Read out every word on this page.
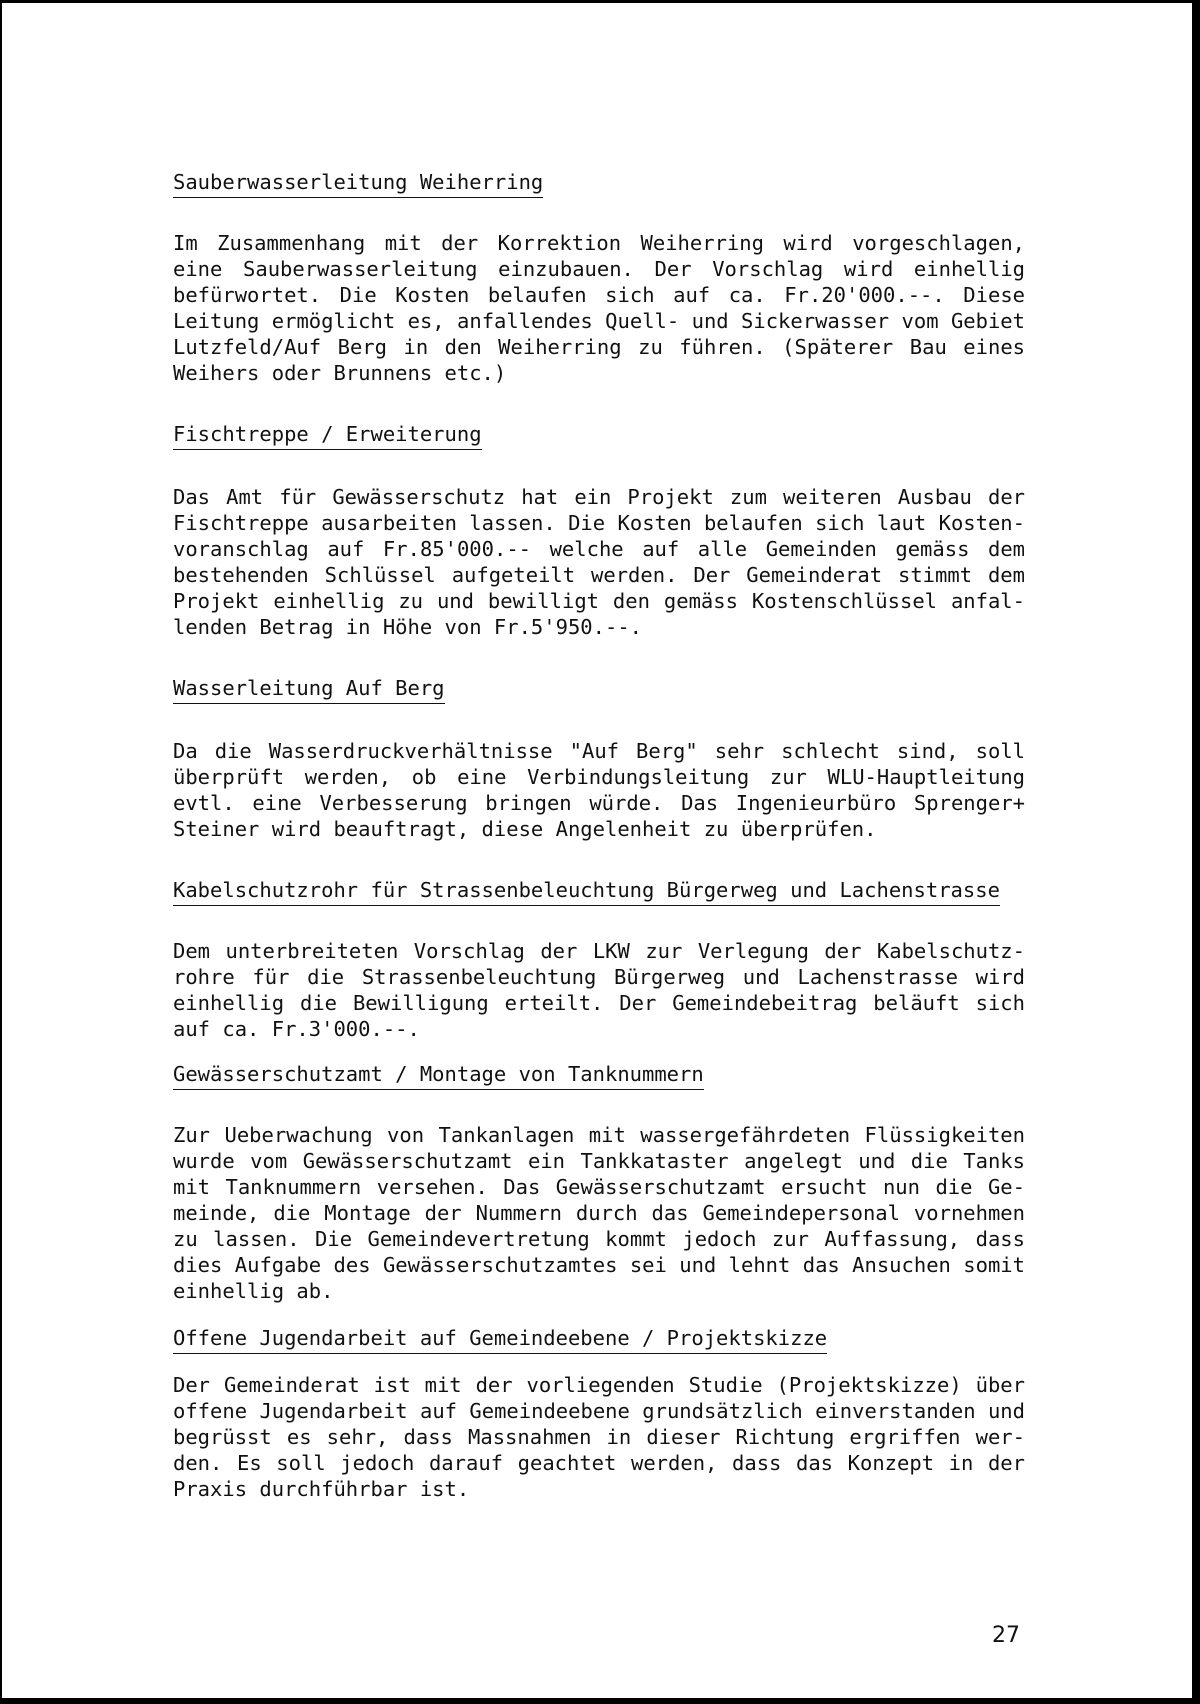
Sauberwasserleitung Weiherring
Im Zusammenhang mit der Korrektion Weiherring wird vorgeschlagen,
eine Sauberwasserleitung einzubauen. Der Vorschlag wird einhellig
befürwortet. Die Kosten belaufen sich auf ca. Fr.20'000.--. Diese
Leitung ermöglicht es, anfallendes Quell- und Sickerwasser vom Gebiet
Lutzfeld/Auf Berg in den Weiherring zu führen. (Späterer Bau eines
Weihers oder Brunnens etc.)
Fischtreppe / Erweiterung
Das Amt für Gewässerschutz hat ein Projekt zum weiteren Ausbau der
Fischtreppe ausarbeiten lassen. Die Kosten belaufen sich laut Kosten-
voranschlag auf Fr.85'000.-- welche auf alle Gemeinden gemäss dem
bestehenden Schlüssel aufgeteilt werden. Der Gemeinderat stimmt dem
Projekt einhellig zu und bewilligt den gemäss Kostenschlüssel anfal-
lenden Betrag in Höhe von Fr.5'950.--.
Wasserleitung Auf Berg
Da die Wasserdruckverhältnisse "Auf Berg" sehr schlecht sind, soll
überprüft werden, ob eine Verbindungsleitung zur WLU-Hauptleitung
evtl. eine Verbesserung bringen würde. Das Ingenieurbüro Sprenger+
Steiner wird beauftragt, diese Angelenheit zu überprüfen.
Kabelschutzrohr für Strassenbeleuchtung Bürgerweg und Lachenstrasse
Dem unterbreiteten Vorschlag der LKW zur Verlegung der Kabelschutz-
rohre für die Strassenbeleuchtung Bürgerweg und Lachenstrasse wird
einhellig die Bewilligung erteilt. Der Gemeindebeitrag beläuft sich
auf ca. Fr.3'000.--.
Gewässerschutzamt / Montage von Tanknummern
Zur Ueberwachung von Tankanlagen mit wassergefährdeten Flüssigkeiten
wurde vom Gewässerschutzamt ein Tankkataster angelegt und die Tanks
mit Tanknummern versehen. Das Gewässerschutzamt ersucht nun die Ge-
meinde, die Montage der Nummern durch das Gemeindepersonal vornehmen
zu lassen. Die Gemeindevertretung kommt jedoch zur Auffassung, dass
dies Aufgabe des Gewässerschutzamtes sei und lehnt das Ansuchen somit
einhellig ab.
Offene Jugendarbeit auf Gemeindeebene / Projektskizze
Der Gemeinderat ist mit der vorliegenden Studie (Projektskizze) über
offene Jugendarbeit auf Gemeindeebene grundsätzlich einverstanden und
begrüsst es sehr, dass Massnahmen in dieser Richtung ergriffen wer-
den. Es soll jedoch darauf geachtet werden, dass das Konzept in der
Praxis durchführbar ist.
27
